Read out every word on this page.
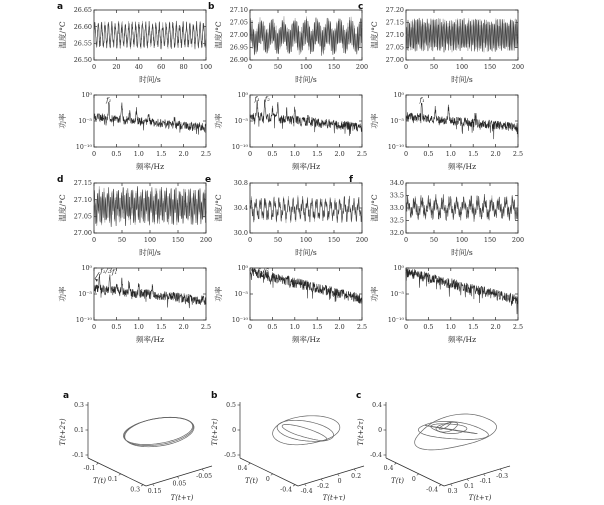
a	b	c
d	e	f
a	b	c
0	20 40 60 80 100
26.50
26.55
26.60
26.65
时间/s
温度/°C
0	50	100 150 200
26.90
26.95
27.00
27.05
27.10
时间/s
温度/°C
0	50	100 150 200
27.00
27.05
27.10
27.15
27.20
时间/s
温度/°C
0 0.5 1.0 1.5 2.0 2.5
10⁰
10⁻⁵
10⁻¹⁰
频率/Hz
功率
f₁
0 0.5 1.0 1.5 2.0 2.5
10⁰
10⁻⁵
10⁻¹⁰
频率/Hz
功率
f₁ f₂
0 0.5 1.0 1.5 2.0 2.5
10⁰
10⁻⁵
10⁻¹⁰
频率/Hz
功率
f₁
0	50	100 150 200
27.00
27.05
27.10
27.15
时间/s
温度/°C
0	50	100 150 200
30.0
30.4
30.8
时间/s
温度/°C
0	50	100 150 200
32.0
32.5
33.0
33.5
34.0
时间/s
温度/°C
0 0.5 1.0 1.5 2.0 2.5
10⁰
10⁻⁵
10⁻¹⁰
频率/Hz
功率
f₁/3 f₁
0 0.5 1.0 1.5 2.0 2.5
10⁰
10⁻⁵
10⁻¹⁰
频率/Hz
功率
f₁/6
0 0.5 1.0 1.5 2.0 2.5
10⁰
10⁻⁵
10⁻¹⁰
频率/Hz
功率
0.3
0.1
-0.1
-0.1
0.1
0.3 0.15
0.05
-0.05
T(t+2τ)
T(t)
T(t+τ)
0.5
0
-0.5
0.4
0
-0.4 -0.4
-0.2
0
0.2
T(t+2τ)
T(t)
T(t+τ)
0.4
0
-0.4
0.4
0
-0.4 0.3
0.1
-0.1
-0.3
T(t+2τ)
T(t)
T(t+τ)
